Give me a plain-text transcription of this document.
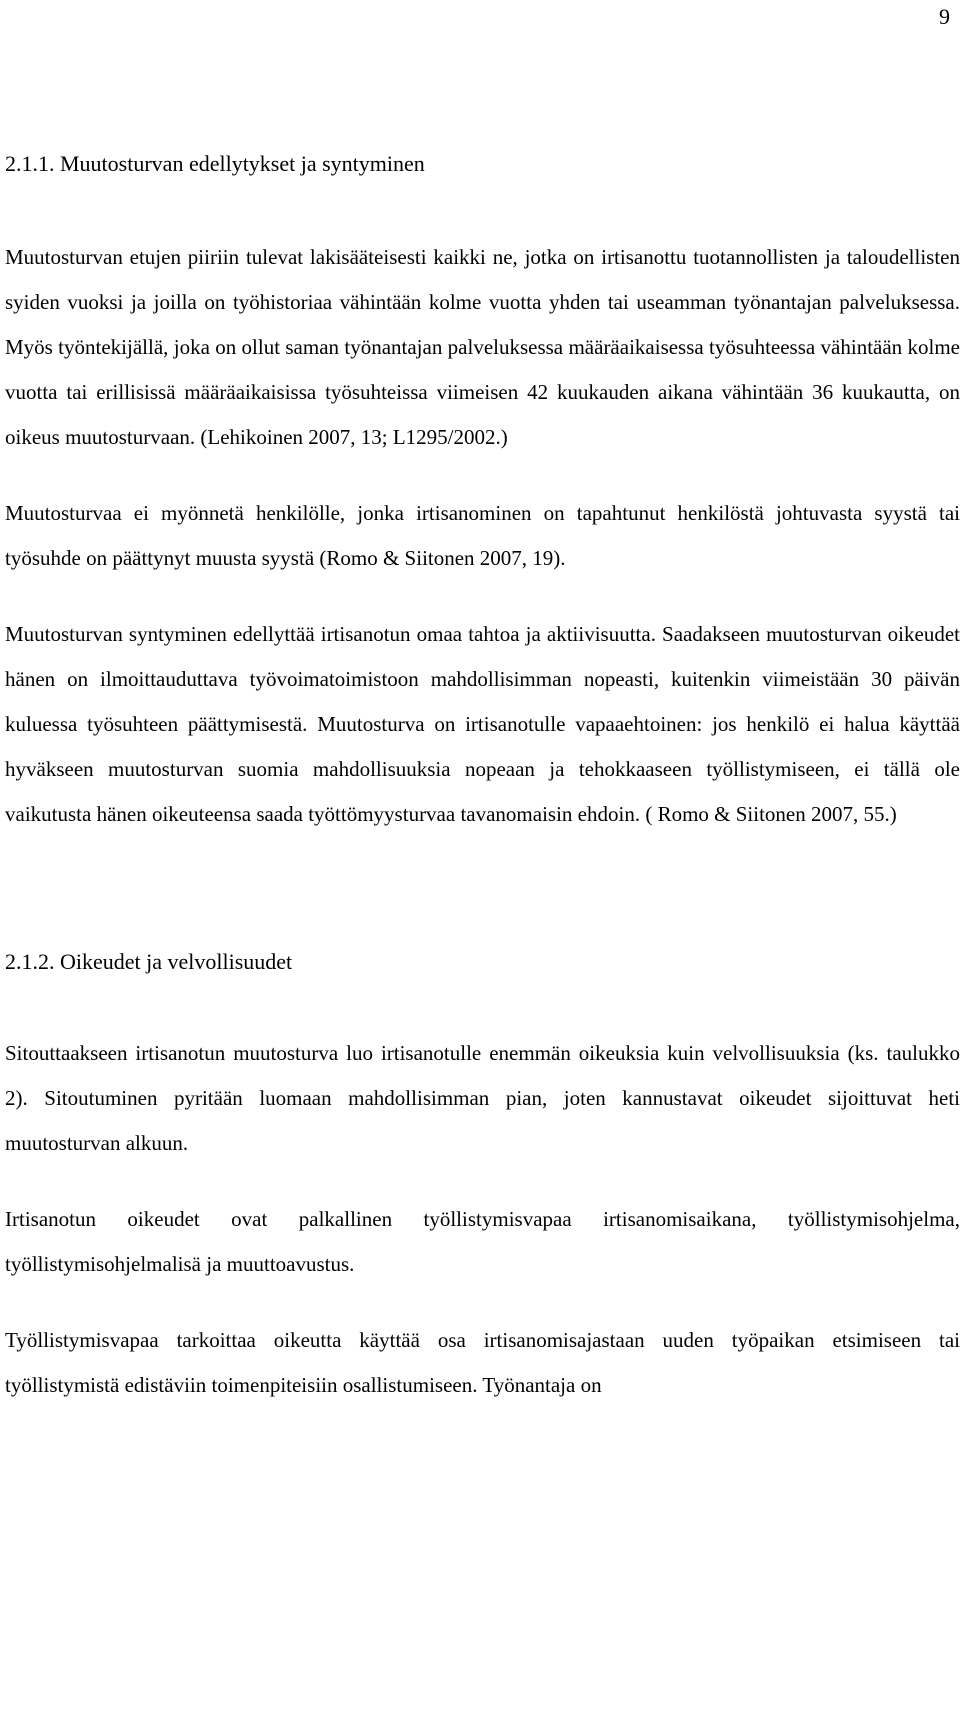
9
2.1.1. Muutosturvan edellytykset ja syntyminen

Muutosturvan etujen piiriin tulevat lakisääteisesti kaikki ne, jotka on irtisanottu tuotannollisten ja taloudellisten syiden vuoksi ja joilla on työhistoriaa vähintään kolme vuotta yhden tai useamman työnantajan palveluksessa. Myös työntekijällä, joka on ollut saman työnantajan palveluksessa määräaikaisessa työsuhteessa vähintään kolme vuotta tai erillisissä määräaikaisissa työsuhteissa viimeisen 42 kuukauden aikana vähintään 36 kuukautta, on oikeus muutosturvaan. (Lehikoinen 2007, 13; L1295/2002.)

Muutosturvaa ei myönnetä henkilölle, jonka irtisanominen on tapahtunut henkilöstä johtuvasta syystä tai työsuhde on päättynyt muusta syystä (Romo & Siitonen 2007, 19).

Muutosturvan syntyminen edellyttää irtisanotun omaa tahtoa ja aktiivisuutta. Saadakseen muutosturvan oikeudet hänen on ilmoittauduttava työvoimatoimistoon mahdollisimman nopeasti, kuitenkin viimeistään 30 päivän kuluessa työsuhteen päättymisestä. Muutosturva on irtisanotulle vapaaehtoinen: jos henkilö ei halua käyttää hyväkseen muutosturvan suomia mahdollisuuksia nopeaan ja tehokkaaseen työllistymiseen, ei tällä ole vaikutusta hänen oikeuteensa saada työttömyysturvaa tavanomaisin ehdoin. ( Romo & Siitonen 2007, 55.)

2.1.2. Oikeudet ja velvollisuudet

Sitouttaakseen irtisanotun muutosturva luo irtisanotulle enemmän oikeuksia kuin velvollisuuksia (ks. taulukko 2). Sitoutuminen pyritään luomaan mahdollisimman pian, joten kannustavat oikeudet sijoittuvat heti muutosturvan alkuun.

Irtisanotun oikeudet ovat palkallinen työllistymisvapaa irtisanomisaikana, työllistymisohjelma, työllistymisohjelmalisä ja muuttoavustus.

Työllistymisvapaa tarkoittaa oikeutta käyttää osa irtisanomisajastaan uuden työpaikan etsimiseen tai työllistymistä edistäviin toimenpiteisiin osallistumiseen. Työnantaja on
